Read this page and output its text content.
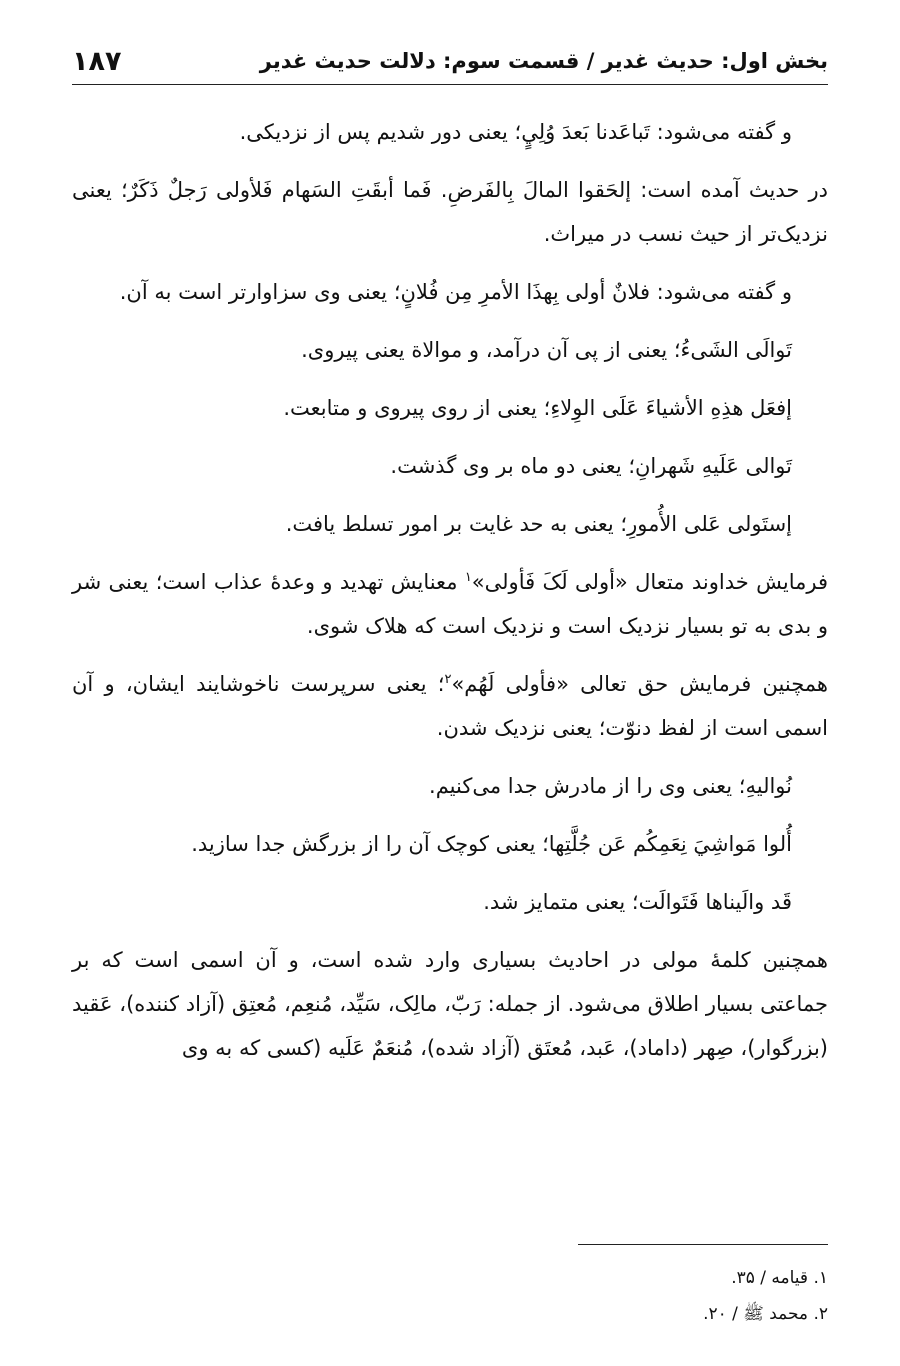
۱۸۷	بخش اول: حدیث غدیر / قسمت سوم: دلالت حدیث غدیر

و گفته می‌شود: تَباعَدنا بَعدَ وُلِيٍ؛ یعنی دور شدیم پس از نزدیکی.

در حدیث آمده است: إلحَقوا المالَ بِالفَرضِ. فَما أبقَتِ السَهام فَلأولی رَجلٌ ذَکَرٌ؛ یعنی نزدیک‌تر از حیث نسب در میراث.

و گفته می‌شود: فلانٌ أولی بِهذَا الأمرِ مِن فُلانٍ؛ یعنی وی سزاوارتر است به آن.

تَوالَی الشَیءُ؛ یعنی از پی آن درآمد، و موالاة یعنی پیروی.

إفعَل هذِهِ الأشیاءَ عَلَی الوِلاءِ؛ یعنی از روی پیروی و متابعت.

تَوالی عَلَیهِ شَهرانِ؛ یعنی دو ماه بر وی گذشت.

إستَولی عَلی الأُمورِ؛ یعنی به حد غایت بر امور تسلط یافت.

فرمایش خداوند متعال «أولی لَکَ فَأولی»$^۱$ معنایش تهدید و وعدهٔ عذاب است؛ یعنی شر و بدی به تو بسیار نزدیک است و نزدیک است که هلاک شوی.

همچنین فرمایش حق تعالی «فأولی لَهُم»$^۲$؛ یعنی سرپرست ناخوشایند ایشان، و آن اسمی است از لفظ دنوّت؛ یعنی نزدیک شدن.

نُوالیهِ؛ یعنی وی را از مادرش جدا می‌کنیم.

أُلوا مَواشِيَ نِعَمِکُم عَن جُلَّتِها؛ یعنی کوچک آن را از بزرگش جدا سازید.

قَد والَیناها فَتَوالَت؛ یعنی متمایز شد.

همچنین کلمهٔ مولی در احادیث بسیاری وارد شده است، و آن اسمی است که بر جماعتی بسیار اطلاق می‌شود. از جمله: رَبّ، مالِک، سَیِّد، مُنعِم، مُعتِق (آزاد کننده)، عَقید (بزرگوار)، صِهر (داماد)، عَبد، مُعتَق (آزاد شده)، مُنعَمٌ عَلَیه (کسی که به وی

۱. قیامه / ۳۵.
۲. محمد ﷺ / ۲۰.
